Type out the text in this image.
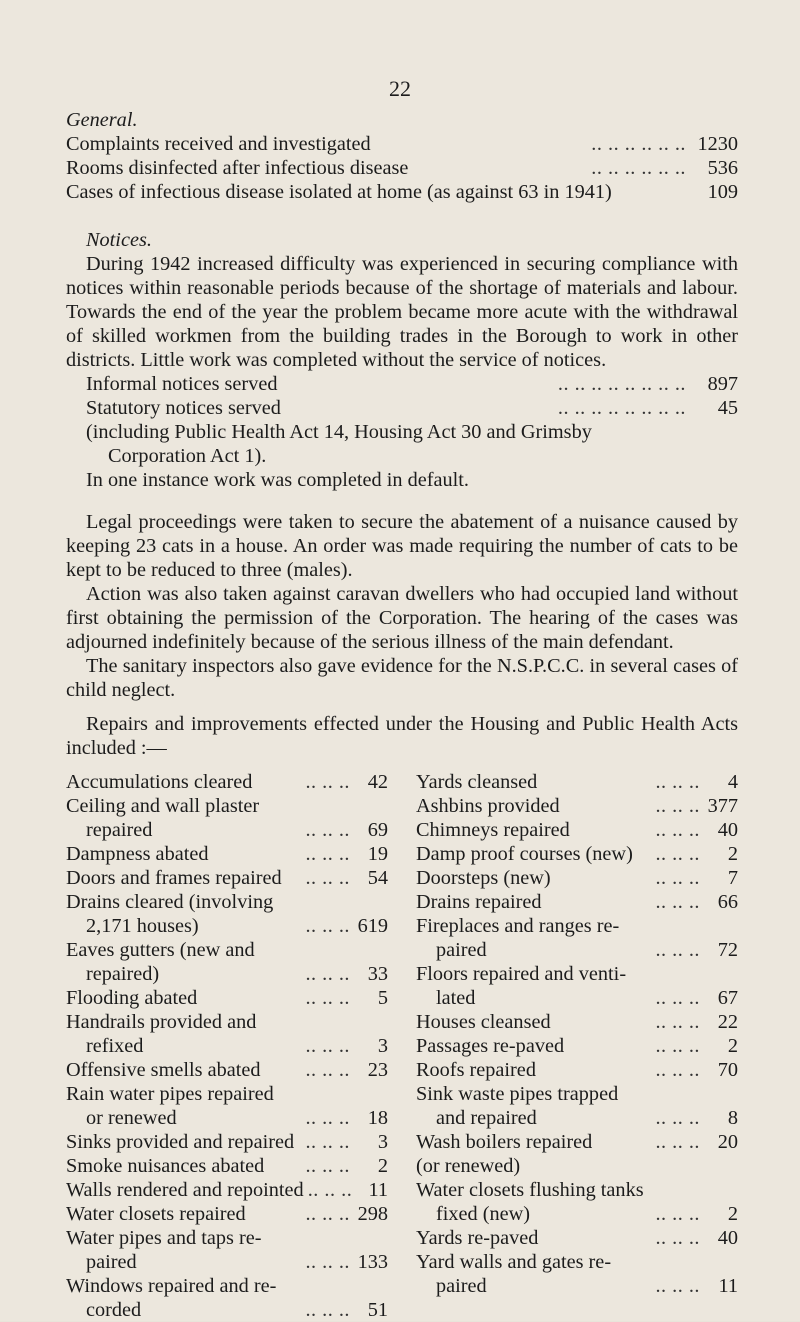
22
General.
Complaints received and investigated	.. .. .. .. .. .. 1230
Rooms disinfected after infectious disease	.. .. .. .. .. ..	536
Cases of infectious disease isolated at home (as against 63 in 1941)	109
Notices.

During 1942 increased difficulty was experienced in securing compliance with notices within reasonable periods because of the shortage of materials and labour. Towards the end of the year the problem became more acute with the withdrawal of skilled workmen from the building trades in the Borough to work in other districts. Little work was completed without the service of notices.

Informal notices served	.. .. .. .. .. .. .. ..	897
Statutory notices served	.. .. .. .. .. .. .. ..	45
(including Public Health Act 14, Housing Act 30 and Grimsby
Corporation Act 1).
In one instance work was completed in default.

Legal proceedings were taken to secure the abatement of a nuisance caused by keeping 23 cats in a house. An order was made requiring the number of cats to be kept to be reduced to three (males).

Action was also taken against caravan dwellers who had occupied land without first obtaining the permission of the Corporation. The hearing of the cases was adjourned indefinitely because of the serious illness of the main defendant.

The sanitary inspectors also gave evidence for the N.S.P.C.C. in several cases of child neglect.

Repairs and improvements effected under the Housing and Public Health Acts included :—

Accumulations cleared	.. .. .. 42
Ceiling and wall plaster
repaired	.. .. .. 69
Dampness abated	.. .. .. 19
Doors and frames repaired	.. .. .. 54
Drains cleared (involving
2,171 houses)	.. .. .. 619
Eaves gutters (new and
repaired)	.. .. .. 33
Flooding abated	.. .. ..	5
Handrails provided and
refixed	.. .. ..	3
Offensive smells abated	.. .. .. 23
Rain water pipes repaired
or renewed	.. .. .. 18
Sinks provided and repaired .. .. ..	3
Smoke nuisances abated	.. .. ..	2
Walls rendered and repointed .. .. .. 11
Water closets repaired	.. .. .. 298
Water pipes and taps re-
paired	.. .. .. 133
Windows repaired and re-
corded	.. .. .. 51
Yards cleansed	.. .. ..	4
Ashbins provided	.. .. .. 377
Chimneys repaired	.. .. .. 40
Damp proof courses (new)	.. .. ..	2
Doorsteps (new)	.. .. ..	7
Drains repaired	.. .. .. 66
Fireplaces and ranges re-
paired	.. .. .. 72
Floors repaired and venti-
lated	.. .. .. 67
Houses cleansed	.. .. .. 22
Passages re-paved	.. .. ..	2
Roofs repaired	.. .. .. 70
Sink waste pipes trapped
and repaired	.. .. ..	8
Wash boilers repaired	.. .. .. 20
(or renewed)
Water closets flushing tanks
fixed (new)	.. .. ..	2
Yards re-paved	.. .. .. 40
Yard walls and gates re-
paired	.. .. .. 11
